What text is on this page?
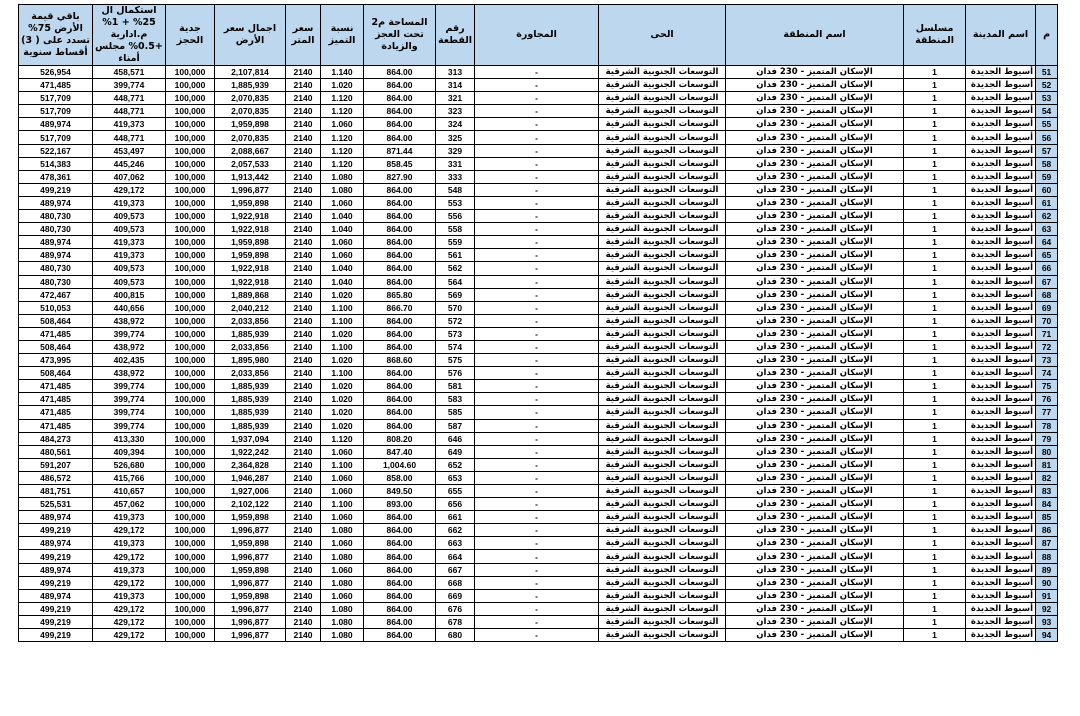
باقي قيمة الأرض 75% تسدد على ( 3) أقساط سنوية	استكمال ال 25% + 1% م.ادارية +0.5% مجلس أمناء	جدية الحجز	اجمال سعر الأرض	سعر المتر	نسبة التميز	المساحة م2 تحت العجز والزيادة	رقم القطعة	المجاورة	الحى	اسم المنطقة	مسلسل المنطقة	اسم المدينة	م
526,954	458,571	100,000	2,107,814	2140	1.140	864.00	313	-	التوسعات الجنوبية الشرقية	الإسكان المتميز - 230 فدان	1	أسيوط الجديدة	51
471,485	399,774	100,000	1,885,939	2140	1.020	864.00	314	-	التوسعات الجنوبية الشرقية	الإسكان المتميز - 230 فدان	1	أسيوط الجديدة	52
517,709	448,771	100,000	2,070,835	2140	1.120	864.00	321	-	التوسعات الجنوبية الشرقية	الإسكان المتميز - 230 فدان	1	أسيوط الجديدة	53
517,709	448,771	100,000	2,070,835	2140	1.120	864.00	323	-	التوسعات الجنوبية الشرقية	الإسكان المتميز - 230 فدان	1	أسيوط الجديدة	54
489,974	419,373	100,000	1,959,898	2140	1.060	864.00	324	-	التوسعات الجنوبية الشرقية	الإسكان المتميز - 230 فدان	1	أسيوط الجديدة	55
517,709	448,771	100,000	2,070,835	2140	1.120	864.00	325	-	التوسعات الجنوبية الشرقية	الإسكان المتميز - 230 فدان	1	أسيوط الجديدة	56
522,167	453,497	100,000	2,088,667	2140	1.120	871.44	329	-	التوسعات الجنوبية الشرقية	الإسكان المتميز - 230 فدان	1	أسيوط الجديدة	57
514,383	445,246	100,000	2,057,533	2140	1.120	858.45	331	-	التوسعات الجنوبية الشرقية	الإسكان المتميز - 230 فدان	1	أسيوط الجديدة	58
478,361	407,062	100,000	1,913,442	2140	1.080	827.90	333	-	التوسعات الجنوبية الشرقية	الإسكان المتميز - 230 فدان	1	أسيوط الجديدة	59
499,219	429,172	100,000	1,996,877	2140	1.080	864.00	548	-	التوسعات الجنوبية الشرقية	الإسكان المتميز - 230 فدان	1	أسيوط الجديدة	60
489,974	419,373	100,000	1,959,898	2140	1.060	864.00	553	-	التوسعات الجنوبية الشرقية	الإسكان المتميز - 230 فدان	1	أسيوط الجديدة	61
480,730	409,573	100,000	1,922,918	2140	1.040	864.00	556	-	التوسعات الجنوبية الشرقية	الإسكان المتميز - 230 فدان	1	أسيوط الجديدة	62
480,730	409,573	100,000	1,922,918	2140	1.040	864.00	558	-	التوسعات الجنوبية الشرقية	الإسكان المتميز - 230 فدان	1	أسيوط الجديدة	63
489,974	419,373	100,000	1,959,898	2140	1.060	864.00	559	-	التوسعات الجنوبية الشرقية	الإسكان المتميز - 230 فدان	1	أسيوط الجديدة	64
489,974	419,373	100,000	1,959,898	2140	1.060	864.00	561	-	التوسعات الجنوبية الشرقية	الإسكان المتميز - 230 فدان	1	أسيوط الجديدة	65
480,730	409,573	100,000	1,922,918	2140	1.040	864.00	562	-	التوسعات الجنوبية الشرقية	الإسكان المتميز - 230 فدان	1	أسيوط الجديدة	66
480,730	409,573	100,000	1,922,918	2140	1.040	864.00	564	-	التوسعات الجنوبية الشرقية	الإسكان المتميز - 230 فدان	1	أسيوط الجديدة	67
472,467	400,815	100,000	1,889,868	2140	1.020	865.80	569	-	التوسعات الجنوبية الشرقية	الإسكان المتميز - 230 فدان	1	أسيوط الجديدة	68
510,053	440,656	100,000	2,040,212	2140	1.100	866.70	570	-	التوسعات الجنوبية الشرقية	الإسكان المتميز - 230 فدان	1	أسيوط الجديدة	69
508,464	438,972	100,000	2,033,856	2140	1.100	864.00	572	-	التوسعات الجنوبية الشرقية	الإسكان المتميز - 230 فدان	1	أسيوط الجديدة	70
471,485	399,774	100,000	1,885,939	2140	1.020	864.00	573	-	التوسعات الجنوبية الشرقية	الإسكان المتميز - 230 فدان	1	أسيوط الجديدة	71
508,464	438,972	100,000	2,033,856	2140	1.100	864.00	574	-	التوسعات الجنوبية الشرقية	الإسكان المتميز - 230 فدان	1	أسيوط الجديدة	72
473,995	402,435	100,000	1,895,980	2140	1.020	868.60	575	-	التوسعات الجنوبية الشرقية	الإسكان المتميز - 230 فدان	1	أسيوط الجديدة	73
508,464	438,972	100,000	2,033,856	2140	1.100	864.00	576	-	التوسعات الجنوبية الشرقية	الإسكان المتميز - 230 فدان	1	أسيوط الجديدة	74
471,485	399,774	100,000	1,885,939	2140	1.020	864.00	581	-	التوسعات الجنوبية الشرقية	الإسكان المتميز - 230 فدان	1	أسيوط الجديدة	75
471,485	399,774	100,000	1,885,939	2140	1.020	864.00	583	-	التوسعات الجنوبية الشرقية	الإسكان المتميز - 230 فدان	1	أسيوط الجديدة	76
471,485	399,774	100,000	1,885,939	2140	1.020	864.00	585	-	التوسعات الجنوبية الشرقية	الإسكان المتميز - 230 فدان	1	أسيوط الجديدة	77
471,485	399,774	100,000	1,885,939	2140	1.020	864.00	587	-	التوسعات الجنوبية الشرقية	الإسكان المتميز - 230 فدان	1	أسيوط الجديدة	78
484,273	413,330	100,000	1,937,094	2140	1.120	808.20	646	-	التوسعات الجنوبية الشرقية	الإسكان المتميز - 230 فدان	1	أسيوط الجديدة	79
480,561	409,394	100,000	1,922,242	2140	1.060	847.40	649	-	التوسعات الجنوبية الشرقية	الإسكان المتميز - 230 فدان	1	أسيوط الجديدة	80
591,207	526,680	100,000	2,364,828	2140	1.100	1,004.60	652	-	التوسعات الجنوبية الشرقية	الإسكان المتميز - 230 فدان	1	أسيوط الجديدة	81
486,572	415,766	100,000	1,946,287	2140	1.060	858.00	653	-	التوسعات الجنوبية الشرقية	الإسكان المتميز - 230 فدان	1	أسيوط الجديدة	82
481,751	410,657	100,000	1,927,006	2140	1.060	849.50	655	-	التوسعات الجنوبية الشرقية	الإسكان المتميز - 230 فدان	1	أسيوط الجديدة	83
525,531	457,062	100,000	2,102,122	2140	1.100	893.00	656	-	التوسعات الجنوبية الشرقية	الإسكان المتميز - 230 فدان	1	أسيوط الجديدة	84
489,974	419,373	100,000	1,959,898	2140	1.060	864.00	661	-	التوسعات الجنوبية الشرقية	الإسكان المتميز - 230 فدان	1	أسيوط الجديدة	85
499,219	429,172	100,000	1,996,877	2140	1.080	864.00	662	-	التوسعات الجنوبية الشرقية	الإسكان المتميز - 230 فدان	1	أسيوط الجديدة	86
489,974	419,373	100,000	1,959,898	2140	1.060	864.00	663	-	التوسعات الجنوبية الشرقية	الإسكان المتميز - 230 فدان	1	أسيوط الجديدة	87
499,219	429,172	100,000	1,996,877	2140	1.080	864.00	664	-	التوسعات الجنوبية الشرقية	الإسكان المتميز - 230 فدان	1	أسيوط الجديدة	88
489,974	419,373	100,000	1,959,898	2140	1.060	864.00	667	-	التوسعات الجنوبية الشرقية	الإسكان المتميز - 230 فدان	1	أسيوط الجديدة	89
499,219	429,172	100,000	1,996,877	2140	1.080	864.00	668	-	التوسعات الجنوبية الشرقية	الإسكان المتميز - 230 فدان	1	أسيوط الجديدة	90
489,974	419,373	100,000	1,959,898	2140	1.060	864.00	669	-	التوسعات الجنوبية الشرقية	الإسكان المتميز - 230 فدان	1	أسيوط الجديدة	91
499,219	429,172	100,000	1,996,877	2140	1.080	864.00	676	-	التوسعات الجنوبية الشرقية	الإسكان المتميز - 230 فدان	1	أسيوط الجديدة	92
499,219	429,172	100,000	1,996,877	2140	1.080	864.00	678	-	التوسعات الجنوبية الشرقية	الإسكان المتميز - 230 فدان	1	أسيوط الجديدة	93
499,219	429,172	100,000	1,996,877	2140	1.080	864.00	680	-	التوسعات الجنوبية الشرقية	الإسكان المتميز - 230 فدان	1	أسيوط الجديدة	94
